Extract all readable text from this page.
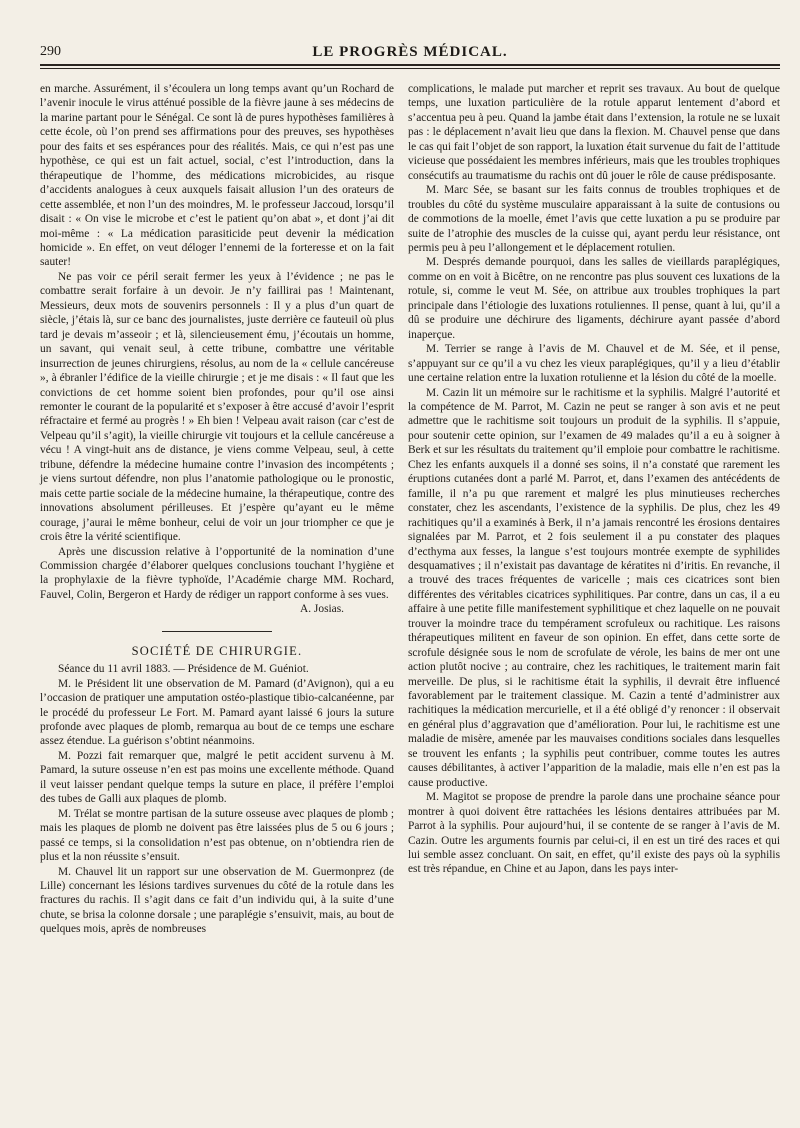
290	LE PROGRÈS MÉDICAL.

en marche. Assurément, il s’écoulera un long temps avant qu’un Rochard de l’avenir inocule le virus atténué possible de la fièvre jaune à ses médecins de la marine partant pour le Sénégal. Ce sont là de pures hypothèses familières à cette école, où l’on prend ses affirmations pour des preuves, ses hypothèses pour des faits et ses espérances pour des réalités. Mais, ce qui n’est pas une hypothèse, ce qui est un fait actuel, social, c’est l’introduction, dans la thérapeutique de l’homme, des médications microbicides, au risque d’accidents analogues à ceux auxquels faisait allusion l’un des orateurs de cette assemblée, et non l’un des moindres, M. le professeur Jaccoud, lorsqu’il disait : « On vise le microbe et c’est le patient qu’on abat », et dont j’ai dit moi-même : « La médication parasiticide peut devenir la médication homicide ». En effet, on veut déloger l’ennemi de la forteresse et on la fait sauter!

Ne pas voir ce péril serait fermer les yeux à l’évidence ; ne pas le combattre serait forfaire à un devoir. Je n’y faillirai pas ! Maintenant, Messieurs, deux mots de souvenirs personnels : Il y a plus d’un quart de siècle, j’étais là, sur ce banc des journalistes, juste derrière ce fauteuil où plus tard je devais m’asseoir ; et là, silencieusement ému, j’écoutais un homme, un savant, qui venait seul, à cette tribune, combattre une véritable insurrection de jeunes chirurgiens, résolus, au nom de la « cellule cancéreuse », à ébranler l’édifice de la vieille chirurgie ; et je me disais : « Il faut que les convictions de cet homme soient bien profondes, pour qu’il ose ainsi remonter le courant de la popularité et s’exposer à être accusé d’avoir l’esprit réfractaire et fermé au progrès ! » Eh bien ! Velpeau avait raison (car c’est de Velpeau qu’il s’agit), la vieille chirurgie vit toujours et la cellule cancéreuse a vécu ! A vingt-huit ans de distance, je viens comme Velpeau, seul, à cette tribune, défendre la médecine humaine contre l’invasion des incompétents ; je viens surtout défendre, non plus l’anatomie pathologique ou le pronostic, mais cette partie sociale de la médecine humaine, la thérapeutique, contre des innovations absolument périlleuses. Et j’espère qu’ayant eu le même courage, j’aurai le même bonheur, celui de voir un jour triompher ce que je crois être la vérité scientifique.

Après une discussion relative à l’opportunité de la nomination d’une Commission chargée d’élaborer quelques conclusions touchant l’hygiène et la prophylaxie de la fièvre typhoïde, l’Académie charge MM. Rochard, Fauvel, Colin, Bergeron et Hardy de rédiger un rapport conforme à ses vues.

A. Josias.

SOCIÉTÉ DE CHIRURGIE.

Séance du 11 avril 1883. — Présidence de M. Guéniot.

M. le Président lit une observation de M. Pamard (d’Avignon), qui a eu l’occasion de pratiquer une amputation ostéo-plastique tibio-calcanéenne, par le procédé du professeur Le Fort. M. Pamard ayant laissé 6 jours la suture profonde avec plaques de plomb, remarqua au bout de ce temps une eschare assez étendue. La guérison s’obtint néanmoins.

M. Pozzi fait remarquer que, malgré le petit accident survenu à M. Pamard, la suture osseuse n’en est pas moins une excellente méthode. Quand il veut laisser pendant quelque temps la suture en place, il préfère l’emploi des tubes de Galli aux plaques de plomb.

M. Trélat se montre partisan de la suture osseuse avec plaques de plomb ; mais les plaques de plomb ne doivent pas être laissées plus de 5 ou 6 jours ; passé ce temps, si la consolidation n’est pas obtenue, on n’obtiendra rien de plus et la non réussite s’ensuit.

M. Chauvel lit un rapport sur une observation de M. Guermonprez (de Lille) concernant les lésions tardives survenues du côté de la rotule dans les fractures du rachis. Il s’agit dans ce fait d’un individu qui, à la suite d’une chute, se brisa la colonne dorsale ; une paraplégie s’ensuivit, mais, au bout de quelques mois, après de nombreuses

complications, le malade put marcher et reprit ses travaux. Au bout de quelque temps, une luxation particulière de la rotule apparut lentement d’abord et s’accentua peu à peu. Quand la jambe était dans l’extension, la rotule ne se luxait pas : le déplacement n’avait lieu que dans la flexion. M. Chauvel pense que dans le cas qui fait l’objet de son rapport, la luxation était survenue du fait de l’attitude vicieuse que possédaient les membres inférieurs, mais que les troubles trophiques consécutifs au traumatisme du rachis ont dû jouer le rôle de cause prédisposante.

M. Marc Sée, se basant sur les faits connus de troubles trophiques et de troubles du côté du système musculaire apparaissant à la suite de contusions ou de commotions de la moelle, émet l’avis que cette luxation a pu se produire par suite de l’atrophie des muscles de la cuisse qui, ayant perdu leur résistance, ont permis peu à peu l’allongement et le déplacement rotulien.

M. Després demande pourquoi, dans les salles de vieillards paraplégiques, comme on en voit à Bicêtre, on ne rencontre pas plus souvent ces luxations de la rotule, si, comme le veut M. Sée, on attribue aux troubles trophiques la part principale dans l’étiologie des luxations rotuliennes. Il pense, quant à lui, qu’il a dû se produire une déchirure des ligaments, déchirure ayant passée d’abord inaperçue.

M. Terrier se range à l’avis de M. Chauvel et de M. Sée, et il pense, s’appuyant sur ce qu’il a vu chez les vieux paraplégiques, qu’il y a lieu d’établir une certaine relation entre la luxation rotulienne et la lésion du côté de la moelle.

M. Cazin lit un mémoire sur le rachitisme et la syphilis. Malgré l’autorité et la compétence de M. Parrot, M. Cazin ne peut se ranger à son avis et ne peut admettre que le rachitisme soit toujours un produit de la syphilis. Il s’appuie, pour soutenir cette opinion, sur l’examen de 49 malades qu’il a eu à soigner à Berk et sur les résultats du traitement qu’il emploie pour combattre le rachitisme. Chez les enfants auxquels il a donné ses soins, il n’a constaté que rarement les éruptions cutanées dont a parlé M. Parrot, et, dans l’examen des antécédents de famille, il n’a pu que rarement et malgré les plus minutieuses recherches constater, chez les ascendants, l’existence de la syphilis. De plus, chez les 49 rachitiques qu’il a examinés à Berk, il n’a jamais rencontré les érosions dentaires signalées par M. Parrot, et 2 fois seulement il a pu constater des plaques d’ecthyma aux fesses, la langue s’est toujours montrée exempte de syphilides desquamatives ; il n’existait pas davantage de kératites ni d’iritis. En revanche, il a trouvé des traces fréquentes de varicelle ; mais ces cicatrices sont bien différentes des véritables cicatrices syphilitiques. Par contre, dans un cas, il a eu affaire à une petite fille manifestement syphilitique et chez laquelle on ne pouvait trouver la moindre trace du tempérament scrofuleux ou rachitique. Les raisons thérapeutiques militent en faveur de son opinion. En effet, dans cette sorte de scrofule désignée sous le nom de scrofulate de vérole, les bains de mer ont une action plutôt nocive ; au contraire, chez les rachitiques, le traitement marin fait merveille. De plus, si le rachitisme était la syphilis, il devrait être influencé favorablement par le traitement classique. M. Cazin a tenté d’administrer aux rachitiques la médication mercurielle, et il a été obligé d’y renoncer : il observait en général plus d’aggravation que d’amélioration. Pour lui, le rachitisme est une maladie de misère, amenée par les mauvaises conditions sociales dans lesquelles se trouvent les enfants ; la syphilis peut contribuer, comme toutes les autres causes débilitantes, à activer l’apparition de la maladie, mais elle n’en est pas la cause productive.

M. Magitot se propose de prendre la parole dans une prochaine séance pour montrer à quoi doivent être rattachées les lésions dentaires attribuées par M. Parrot à la syphilis. Pour aujourd’hui, il se contente de se ranger à l’avis de M. Cazin. Outre les arguments fournis par celui-ci, il en est un tiré des races et qui lui semble assez concluant. On sait, en effet, qu’il existe des pays où la syphilis est très répandue, en Chine et au Japon, dans les pays inter-
